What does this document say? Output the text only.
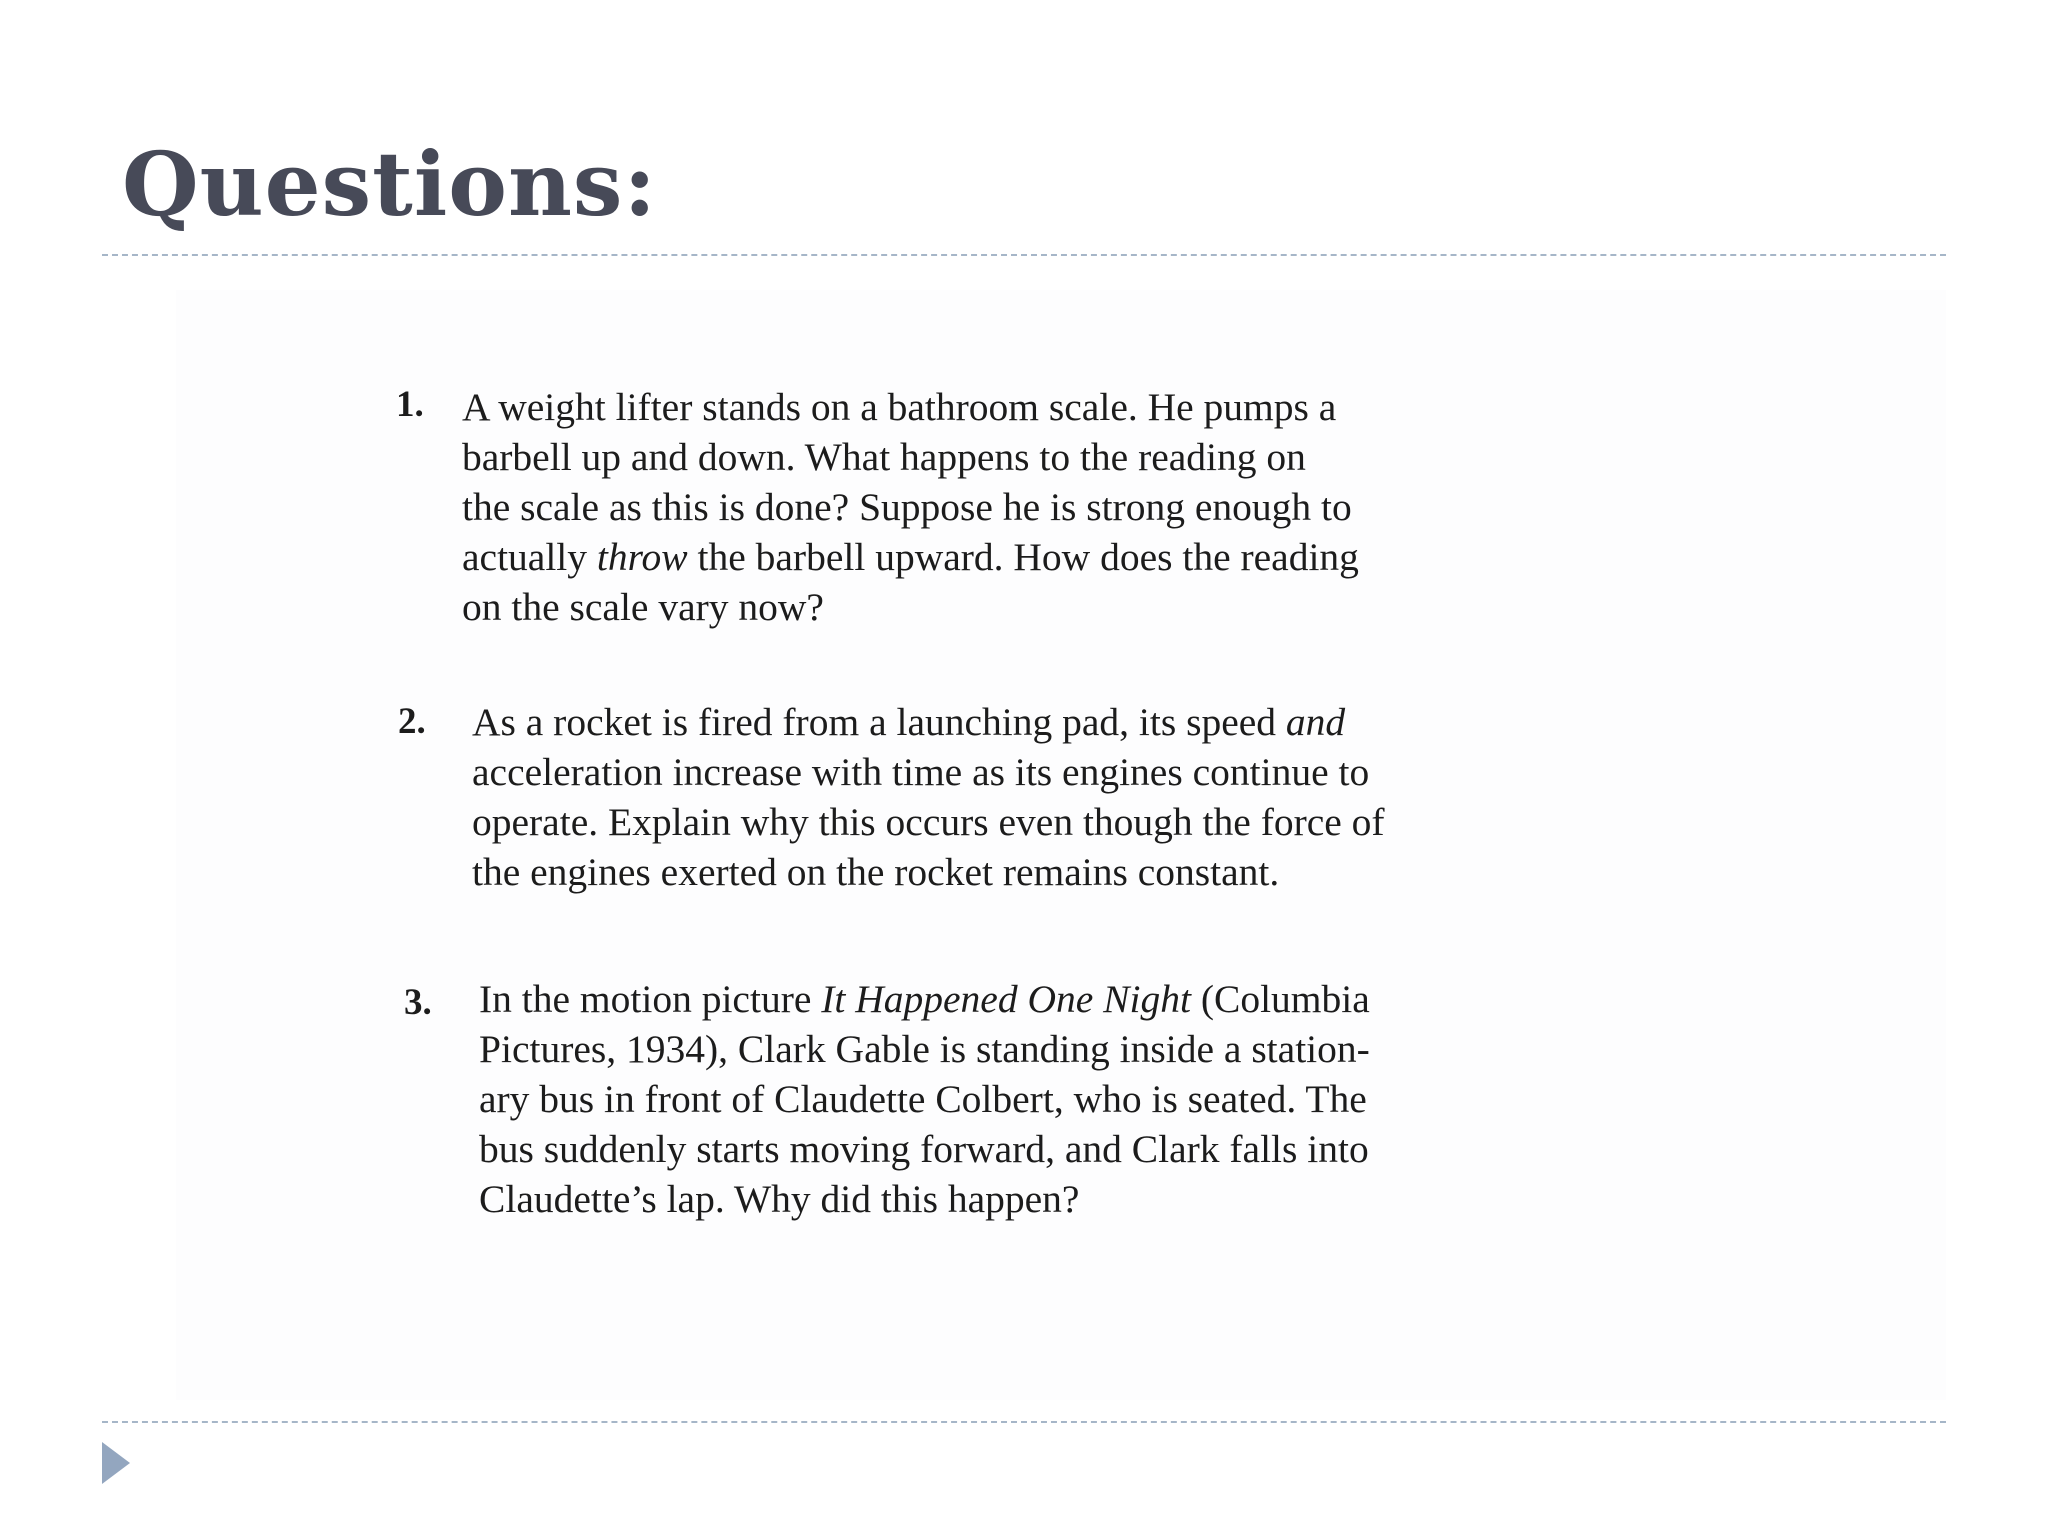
Questions:
1. A weight lifter stands on a bathroom scale. He pumps a
barbell up and down. What happens to the reading on
the scale as this is done? Suppose he is strong enough to
actually throw the barbell upward. How does the reading
on the scale vary now?
2. As a rocket is fired from a launching pad, its speed and
acceleration increase with time as its engines continue to
operate. Explain why this occurs even though the force of
the engines exerted on the rocket remains constant.
3. In the motion picture It Happened One Night (Columbia
Pictures, 1934), Clark Gable is standing inside a station-
ary bus in front of Claudette Colbert, who is seated. The
bus suddenly starts moving forward, and Clark falls into
Claudette’s lap. Why did this happen?
